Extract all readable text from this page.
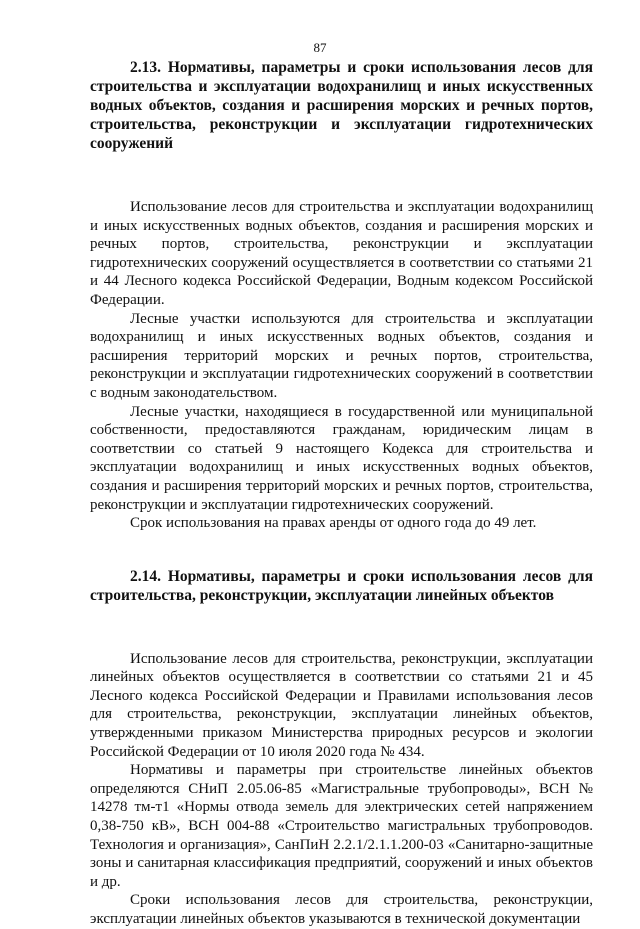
87

2.13. Нормативы, параметры и сроки использования лесов для строительства и эксплуатации водохранилищ и иных искусственных водных объектов, создания и расширения морских и речных портов, строительства, реконструкции и эксплуатации гидротехнических сооружений

Использование лесов для строительства и эксплуатации водохранилищ и иных искусственных водных объектов, создания и расширения морских и речных портов, строительства, реконструкции и эксплуатации гидротехнических сооружений осуществляется в соответствии со статьями 21 и 44 Лесного кодекса Российской Федерации, Водным кодексом Российской Федерации.

Лесные участки используются для строительства и эксплуатации водохранилищ и иных искусственных водных объектов, создания и расширения территорий морских и речных портов, строительства, реконструкции и эксплуатации гидротехнических сооружений в соответствии с водным законодательством.

Лесные участки, находящиеся в государственной или муниципальной собственности, предоставляются гражданам, юридическим лицам в соответствии со статьей 9 настоящего Кодекса для строительства и эксплуатации водохранилищ и иных искусственных водных объектов, создания и расширения территорий морских и речных портов, строительства, реконструкции и эксплуатации гидротехнических сооружений.

Срок использования на правах аренды от одного года до 49 лет.

2.14. Нормативы, параметры и сроки использования лесов для строительства, реконструкции, эксплуатации линейных объектов

Использование лесов для строительства, реконструкции, эксплуатации линейных объектов осуществляется в соответствии со статьями 21 и 45 Лесного кодекса Российской Федерации и Правилами использования лесов для строительства, реконструкции, эксплуатации линейных объектов, утвержденными приказом Министерства природных ресурсов и экологии Российской Федерации от 10 июля 2020 года № 434.

Нормативы и параметры при строительстве линейных объектов определяются СНиП 2.05.06-85 «Магистральные трубопроводы», ВСН № 14278 тм-т1 «Нормы отвода земель для электрических сетей напряжением 0,38-750 кВ», ВСН 004-88 «Строительство магистральных трубопроводов. Технология и организация», СанПиН 2.2.1/2.1.1.200-03 «Санитарно-защитные зоны и санитарная классификация предприятий, сооружений и иных объектов и др.

Сроки использования лесов для строительства, реконструкции, эксплуатации линейных объектов указываются в технической документации
